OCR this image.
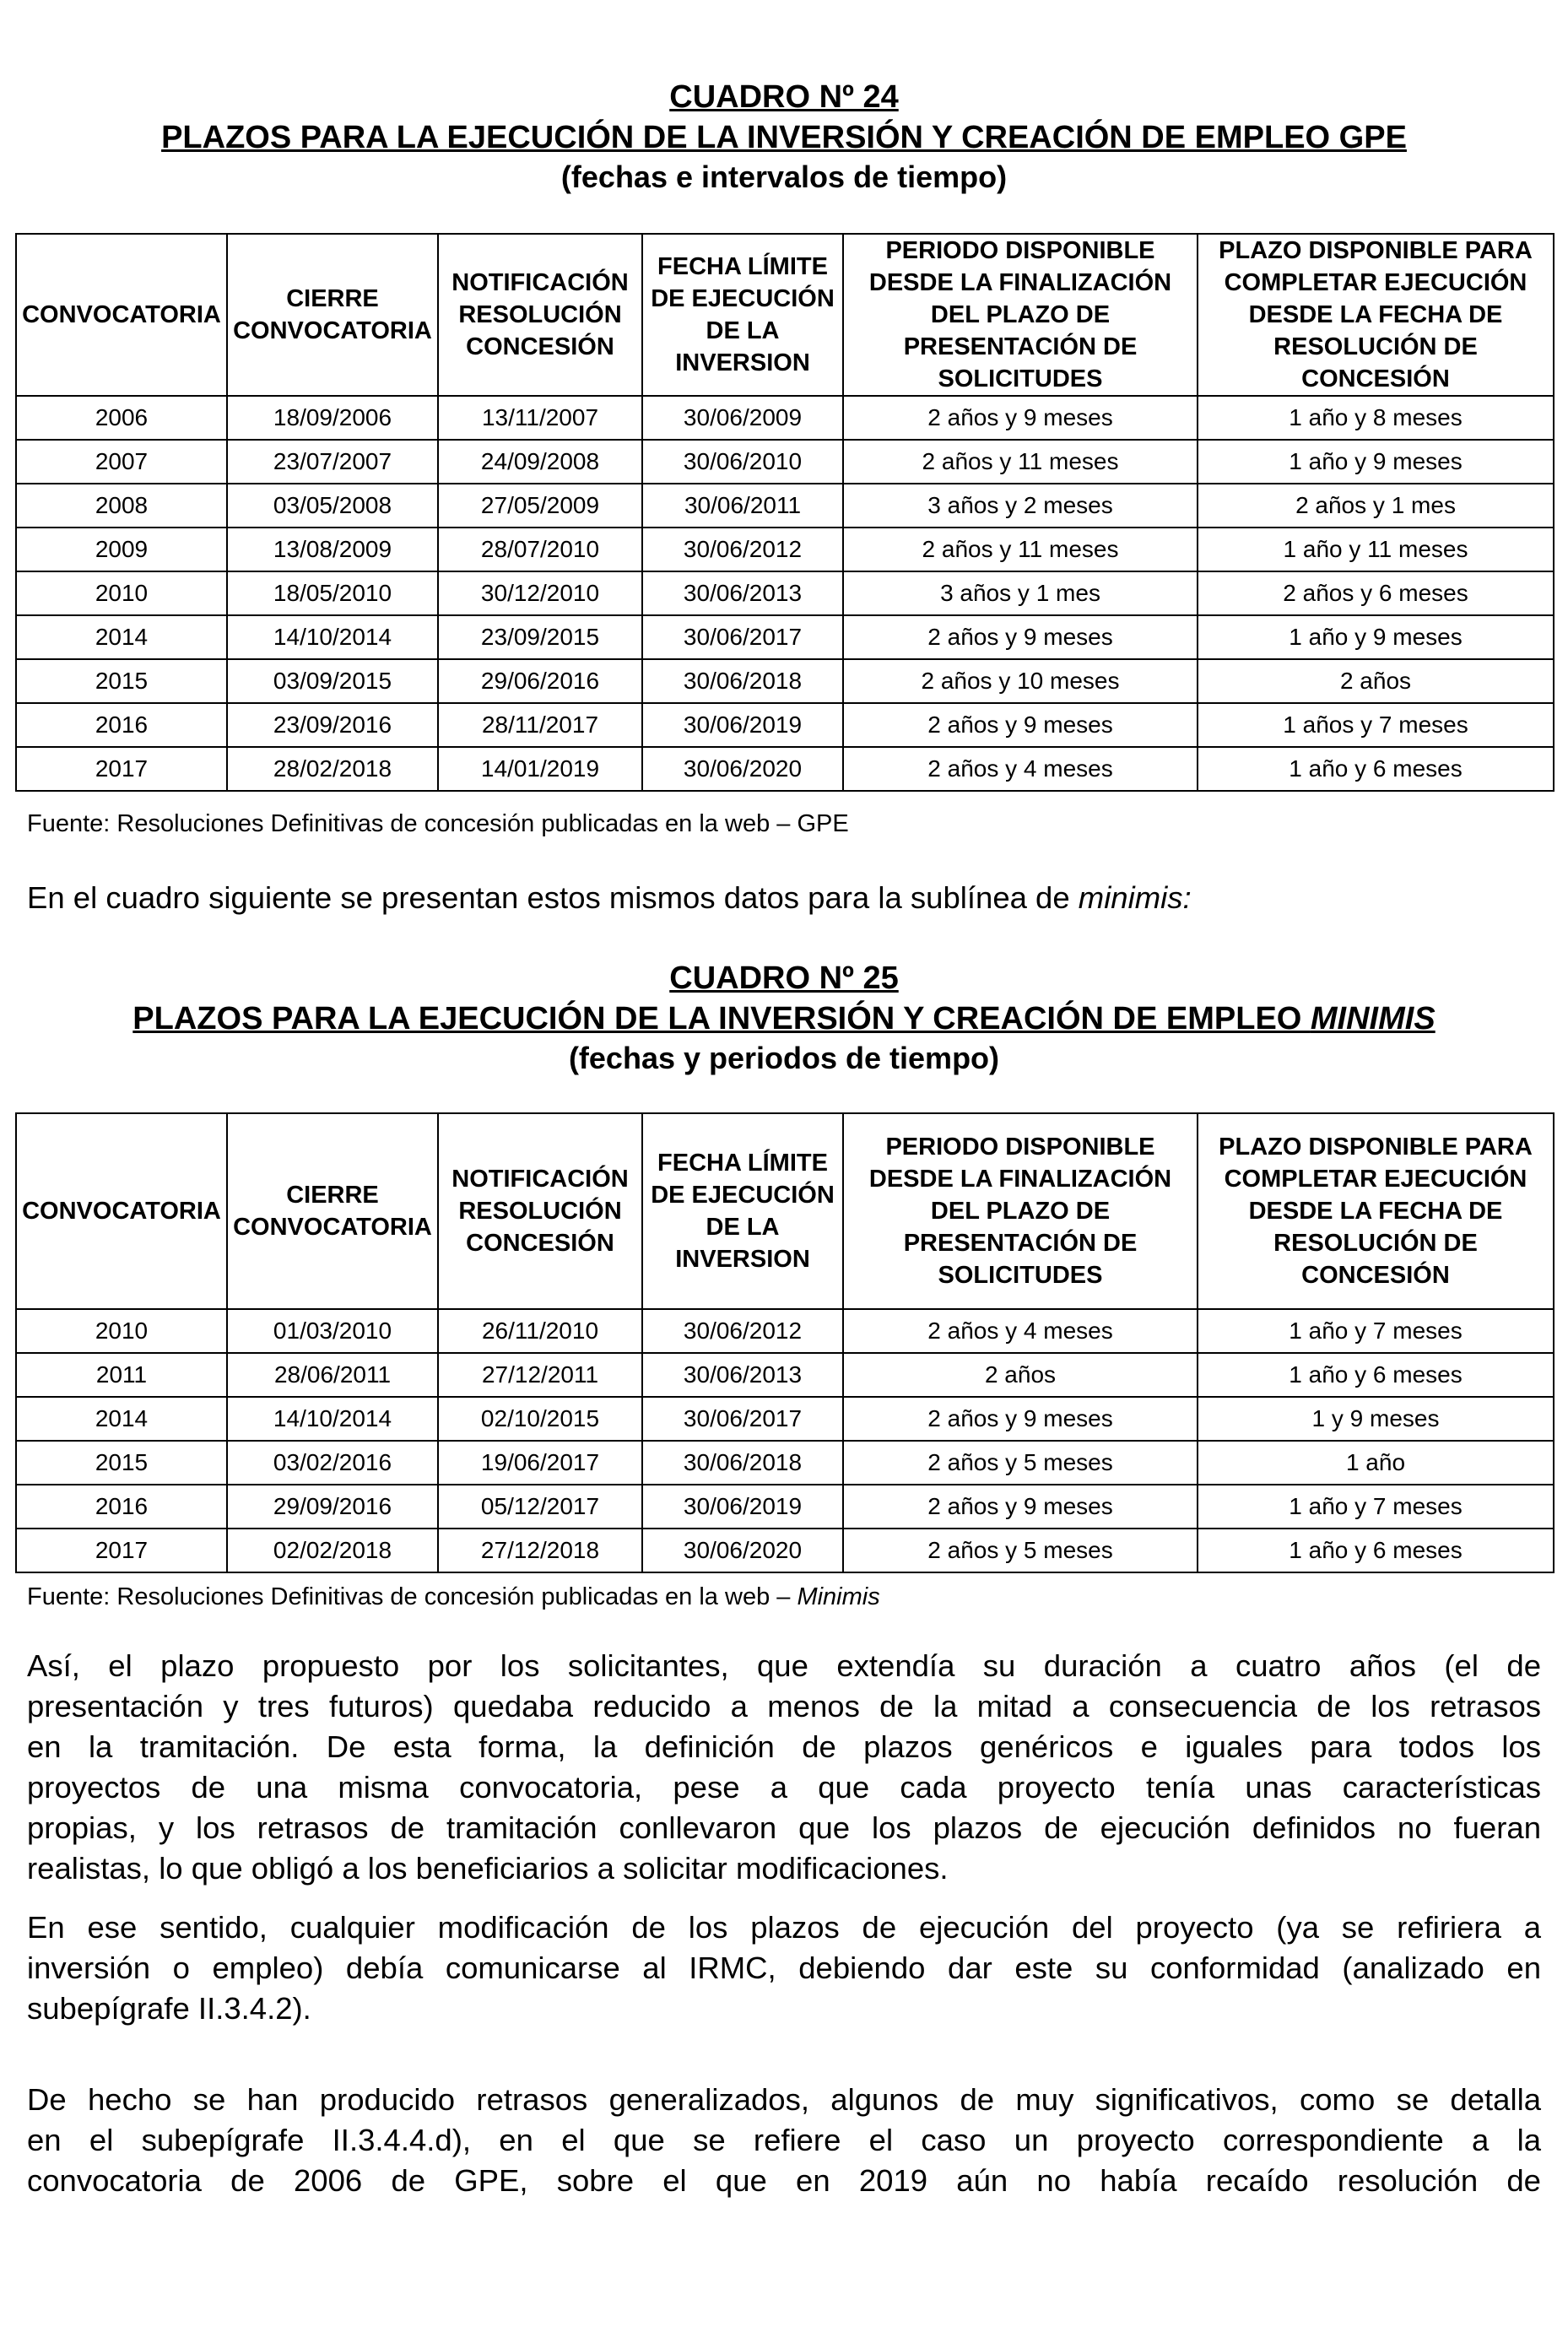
CUADRO Nº 24
PLAZOS PARA LA EJECUCIÓN DE LA INVERSIÓN Y CREACIÓN DE EMPLEO GPE
(fechas e intervalos de tiempo)
CONVOCATORIA	CIERRE CONVOCATORIA	NOTIFICACIÓN RESOLUCIÓN CONCESIÓN	FECHA LÍMITE DE EJECUCIÓN DE LA INVERSION	PERIODO DISPONIBLE DESDE LA FINALIZACIÓN DEL PLAZO DE PRESENTACIÓN DE SOLICITUDES	PLAZO DISPONIBLE PARA COMPLETAR EJECUCIÓN DESDE LA FECHA DE RESOLUCIÓN DE CONCESIÓN
2006	18/09/2006	13/11/2007	30/06/2009	2 años y 9 meses	1 año y 8 meses
2007	23/07/2007	24/09/2008	30/06/2010	2 años y 11 meses	1 año y 9 meses
2008	03/05/2008	27/05/2009	30/06/2011	3 años y 2 meses	2 años y 1 mes
2009	13/08/2009	28/07/2010	30/06/2012	2 años y 11 meses	1 año y 11 meses
2010	18/05/2010	30/12/2010	30/06/2013	3 años y 1 mes	2 años y 6 meses
2014	14/10/2014	23/09/2015	30/06/2017	2 años y 9 meses	1 año y 9 meses
2015	03/09/2015	29/06/2016	30/06/2018	2 años y 10 meses	2 años
2016	23/09/2016	28/11/2017	30/06/2019	2 años y 9 meses	1 años y 7 meses
2017	28/02/2018	14/01/2019	30/06/2020	2 años y 4 meses	1 año y 6 meses
Fuente: Resoluciones Definitivas de concesión publicadas en la web – GPE
En el cuadro siguiente se presentan estos mismos datos para la sublínea de minimis:
CUADRO Nº 25
PLAZOS PARA LA EJECUCIÓN DE LA INVERSIÓN Y CREACIÓN DE EMPLEO MINIMIS
(fechas y periodos de tiempo)
CONVOCATORIA	CIERRE CONVOCATORIA	NOTIFICACIÓN RESOLUCIÓN CONCESIÓN	FECHA LÍMITE DE EJECUCIÓN DE LA INVERSION	PERIODO DISPONIBLE DESDE LA FINALIZACIÓN DEL PLAZO DE PRESENTACIÓN DE SOLICITUDES	PLAZO DISPONIBLE PARA COMPLETAR EJECUCIÓN DESDE LA FECHA DE RESOLUCIÓN DE CONCESIÓN
2010	01/03/2010	26/11/2010	30/06/2012	2 años y 4 meses	1 año y 7 meses
2011	28/06/2011	27/12/2011	30/06/2013	2 años	1 año y 6 meses
2014	14/10/2014	02/10/2015	30/06/2017	2 años y 9 meses	1 y 9 meses
2015	03/02/2016	19/06/2017	30/06/2018	2 años y 5 meses	1 año
2016	29/09/2016	05/12/2017	30/06/2019	2 años y 9 meses	1 año y 7 meses
2017	02/02/2018	27/12/2018	30/06/2020	2 años y 5 meses	1 año y 6 meses
Fuente: Resoluciones Definitivas de concesión publicadas en la web – Minimis
Así, el plazo propuesto por los solicitantes, que extendía su duración a cuatro años (el de
presentación y tres futuros) quedaba reducido a menos de la mitad a consecuencia de los retrasos
en la tramitación. De esta forma, la definición de plazos genéricos e iguales para todos los
proyectos de una misma convocatoria, pese a que cada proyecto tenía unas características
propias, y los retrasos de tramitación conllevaron que los plazos de ejecución definidos no fueran
realistas, lo que obligó a los beneficiarios a solicitar modificaciones.
En ese sentido, cualquier modificación de los plazos de ejecución del proyecto (ya se refiriera a
inversión o empleo) debía comunicarse al IRMC, debiendo dar este su conformidad (analizado en
subepígrafe II.3.4.2).
De hecho se han producido retrasos generalizados, algunos de muy significativos, como se detalla
en el subepígrafe II.3.4.4.d), en el que se refiere el caso un proyecto correspondiente a la
convocatoria de 2006 de GPE, sobre el que en 2019 aún no había recaído resolución de
